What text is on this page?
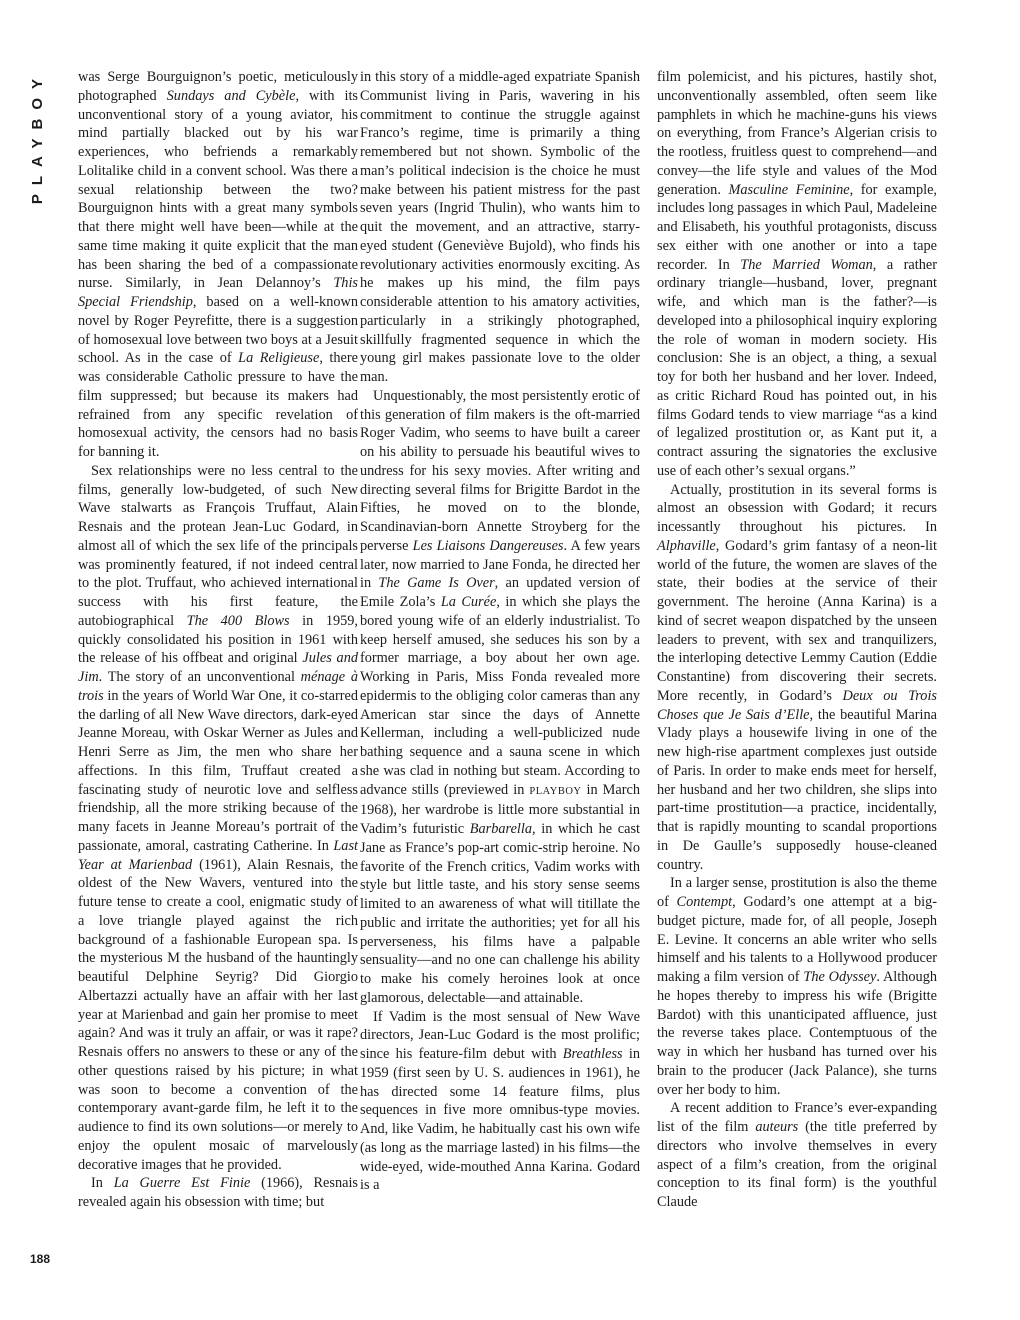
PLAYBOY was Serge Bourguignon’s poetic, meticulously photographed Sundays and Cybèle, with its unconventional story of a young aviator, his mind partially blacked out by his war experiences, who befriends a remarkably Lolitalike child in a convent school. Was there a sexual relationship between the two? Bourguignon hints with a great many symbols that there might well have been—while at the same time making it quite explicit that the man has been sharing the bed of a compassionate nurse. Similarly, in Jean Delannoy’s This Special Friendship, based on a well-known novel by Roger Peyrefitte, there is a suggestion of homosexual love between two boys at a Jesuit school. As in the case of La Religieuse, there was considerable Catholic pressure to have the film suppressed; but because its makers had refrained from any specific revelation of homosexual activity, the censors had no basis for banning it.

Sex relationships were no less central to the films, generally low-budgeted, of such New Wave stalwarts as François Truffaut, Alain Resnais and the protean Jean-Luc Godard, in almost all of which the sex life of the principals was prominently featured, if not indeed central to the plot. Truffaut, who achieved international success with his first feature, the autobiographical The 400 Blows in 1959, quickly consolidated his position in 1961 with the release of his offbeat and original Jules and Jim. The story of an unconventional ménage à trois in the years of World War One, it co-starred the darling of all New Wave directors, dark-eyed Jeanne Moreau, with Oskar Werner as Jules and Henri Serre as Jim, the men who share her affections. In this film, Truffaut created a fascinating study of neurotic love and selfless friendship, all the more striking because of the many facets in Jeanne Moreau’s portrait of the passionate, amoral, castrating Catherine. In Last Year at Marienbad (1961), Alain Resnais, the oldest of the New Wavers, ventured into the future tense to create a cool, enigmatic study of a love triangle played against the rich background of a fashionable European spa. Is the mysterious M the husband of the hauntingly beautiful Delphine Seyrig? Did Giorgio Albertazzi actually have an affair with her last year at Marienbad and gain her promise to meet again? And was it truly an affair, or was it rape? Resnais offers no answers to these or any of the other questions raised by his picture; in what was soon to become a convention of the contemporary avant-garde film, he left it to the audience to find its own solutions—or merely to enjoy the opulent mosaic of marvelously decorative images that he provided.

In La Guerre Est Finie (1966), Resnais revealed again his obsession with time; but

in this story of a middle-aged expatriate Spanish Communist living in Paris, wavering in his commitment to continue the struggle against Franco’s regime, time is primarily a thing remembered but not shown. Symbolic of the man’s political indecision is the choice he must make between his patient mistress for the past seven years (Ingrid Thulin), who wants him to quit the movement, and an attractive, starry-eyed student (Geneviève Bujold), who finds his revolutionary activities enormously exciting. As he makes up his mind, the film pays considerable attention to his amatory activities, particularly in a strikingly photographed, skillfully fragmented sequence in which the young girl makes passionate love to the older man.

Unquestionably, the most persistently erotic of this generation of film makers is the oft-married Roger Vadim, who seems to have built a career on his ability to persuade his beautiful wives to undress for his sexy movies. After writing and directing several films for Brigitte Bardot in the Fifties, he moved on to the blonde, Scandinavian-born Annette Stroyberg for the perverse Les Liaisons Dangereuses. A few years later, now married to Jane Fonda, he directed her in The Game Is Over, an updated version of Emile Zola’s La Curée, in which she plays the bored young wife of an elderly industrialist. To keep herself amused, she seduces his son by a former marriage, a boy about her own age. Working in Paris, Miss Fonda revealed more epidermis to the obliging color cameras than any American star since the days of Annette Kellerman, including a well-publicized nude bathing sequence and a sauna scene in which she was clad in nothing but steam. According to advance stills (previewed in PLAYBOY in March 1968), her wardrobe is little more substantial in Vadim’s futuristic Barbarella, in which he cast Jane as France’s pop-art comic-strip heroine. No favorite of the French critics, Vadim works with style but little taste, and his story sense seems limited to an awareness of what will titillate the public and irritate the authorities; yet for all his perverseness, his films have a palpable sensuality—and no one can challenge his ability to make his comely heroines look at once glamorous, delectable—and attainable.

If Vadim is the most sensual of New Wave directors, Jean-Luc Godard is the most prolific; since his feature-film debut with Breathless in 1959 (first seen by U. S. audiences in 1961), he has directed some 14 feature films, plus sequences in five more omnibus-type movies. And, like Vadim, he habitually cast his own wife (as long as the marriage lasted) in his films—the wide-eyed, wide-mouthed Anna Karina. Godard is a

film polemicist, and his pictures, hastily shot, unconventionally assembled, often seem like pamphlets in which he machine-guns his views on everything, from France’s Algerian crisis to the rootless, fruitless quest to comprehend—and convey—the life style and values of the Mod generation. Masculine Feminine, for example, includes long passages in which Paul, Madeleine and Elisabeth, his youthful protagonists, discuss sex either with one another or into a tape recorder. In The Married Woman, a rather ordinary triangle—husband, lover, pregnant wife, and which man is the father?—is developed into a philosophical inquiry exploring the role of woman in modern society. His conclusion: She is an object, a thing, a sexual toy for both her husband and her lover. Indeed, as critic Richard Roud has pointed out, in his films Godard tends to view marriage “as a kind of legalized prostitution or, as Kant put it, a contract assuring the signatories the exclusive use of each other’s sexual organs.”

Actually, prostitution in its several forms is almost an obsession with Godard; it recurs incessantly throughout his pictures. In Alphaville, Godard’s grim fantasy of a neon-lit world of the future, the women are slaves of the state, their bodies at the service of their government. The heroine (Anna Karina) is a kind of secret weapon dispatched by the unseen leaders to prevent, with sex and tranquilizers, the interloping detective Lemmy Caution (Eddie Constantine) from discovering their secrets. More recently, in Godard’s Deux ou Trois Choses que Je Sais d’Elle, the beautiful Marina Vlady plays a housewife living in one of the new high-rise apartment complexes just outside of Paris. In order to make ends meet for herself, her husband and her two children, she slips into part-time prostitution—a practice, incidentally, that is rapidly mounting to scandal proportions in De Gaulle’s supposedly house-cleaned country.

In a larger sense, prostitution is also the theme of Contempt, Godard’s one attempt at a big-budget picture, made for, of all people, Joseph E. Levine. It concerns an able writer who sells himself and his talents to a Hollywood producer making a film version of The Odyssey. Although he hopes thereby to impress his wife (Brigitte Bardot) with this unanticipated affluence, just the reverse takes place. Contemptuous of the way in which her husband has turned over his brain to the producer (Jack Palance), she turns over her body to him.

A recent addition to France’s ever-expanding list of the film auteurs (the title preferred by directors who involve themselves in every aspect of a film’s creation, from the original conception to its final form) is the youthful Claude

188
